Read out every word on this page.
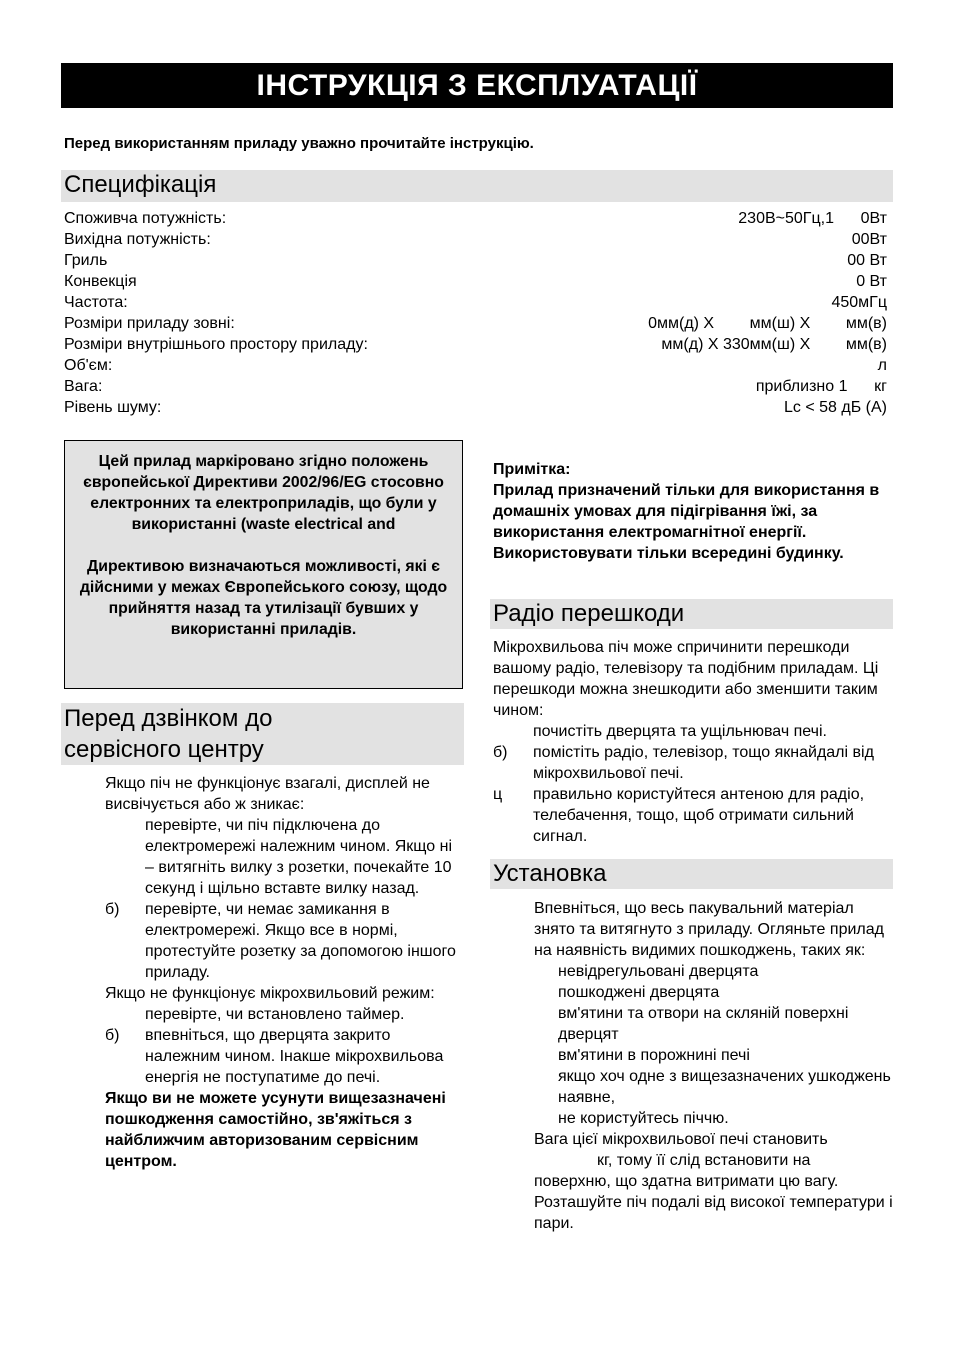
ІНСТРУКЦІЯ З ЕКСПЛУАТАЦІЇ
Перед використанням приладу уважно прочитайте інструкцію.
Специфікація
Споживча потужність:	230В~50Гц,1      0Вт
Вихідна потужність:	00Вт
Гриль	00 Вт
Конвекція	0 Вт
Частота:	450мГц
Розміри приладу зовні:	0мм(д) Х        мм(ш) Х        мм(в)
Розміри внутрішнього простору приладу:	мм(д) Х 330мм(ш) Х        мм(в)
Об'єм:	л
Вага:	приблизно 1      кг
Рівень шуму:	Lc < 58 дБ (А)

Цей прилад маркіровано згідно положень європейської Директиви 2002/96/EG стосовно електронних та електроприладів, що були у використанні (waste electrical and

Директивою визначаються можливості, які є дійсними у межах Європейського союзу, щодо прийняття назад та утилізації бувших у використанні приладів.

Перед дзвінком до
сервісного центру

Якщо піч не функціонує взагалі, дисплей не висвічується або ж зникає:

перевірте, чи піч підключена до електромережі належним чином. Якщо ні – витягніть вилку з розетки, почекайте 10 секунд і щільно вставте вилку назад.
б)	перевірте, чи немає замикання в електромережі. Якщо все в нормі, протестуйте розетку за допомогою іншого приладу.

Якщо не функціонує мікрохвильовий режим:

перевірте, чи встановлено таймер.
б)	впевніться, що дверцята закрито належним чином. Інакше мікрохвильова енергія не поступатиме до печі.

Якщо ви не можете усунути вищезазначені пошкодження самостійно, зв'яжіться з найближчим авторизованим сервісним центром.

Примітка:

Прилад призначений тільки для використання в домашніх умовах для підігрівання їжі, за використання електромагнітної енергії. Використовувати тільки всередині будинку.

Радіо перешкоди

Мікрохвильова піч може спричинити перешкоди вашому радіо, телевізору та подібним приладам. Ці перешкоди можна знешкодити або зменшити таким чином:

почистіть дверцята та ущільнювач печі.
б)	помістіть радіо, телевізор, тощо якнайдалі від мікрохвильової печі.
ц	правильно користуйтеся антеною для радіо, телебачення, тощо, щоб отримати сильний сигнал.
Установка

Впевніться, що весь пакувальний матеріал знято та витягнуто з приладу. Огляньте прилад на наявність видимих пошкоджень, таких як:

невідрегульовані дверцята
пошкоджені дверцята
вм'ятини та отвори на скляній поверхні дверцят
вм'ятини в порожнині печі
якщо хоч одне з вищезазначених ушкоджень наявне,
не користуйтесь піччю.
Вага цієї мікрохвильової печі становить
кг, тому її слід встановити на
поверхню, що здатна витримати цю вагу.

Розташуйте піч подалі від високої температури і пари.
